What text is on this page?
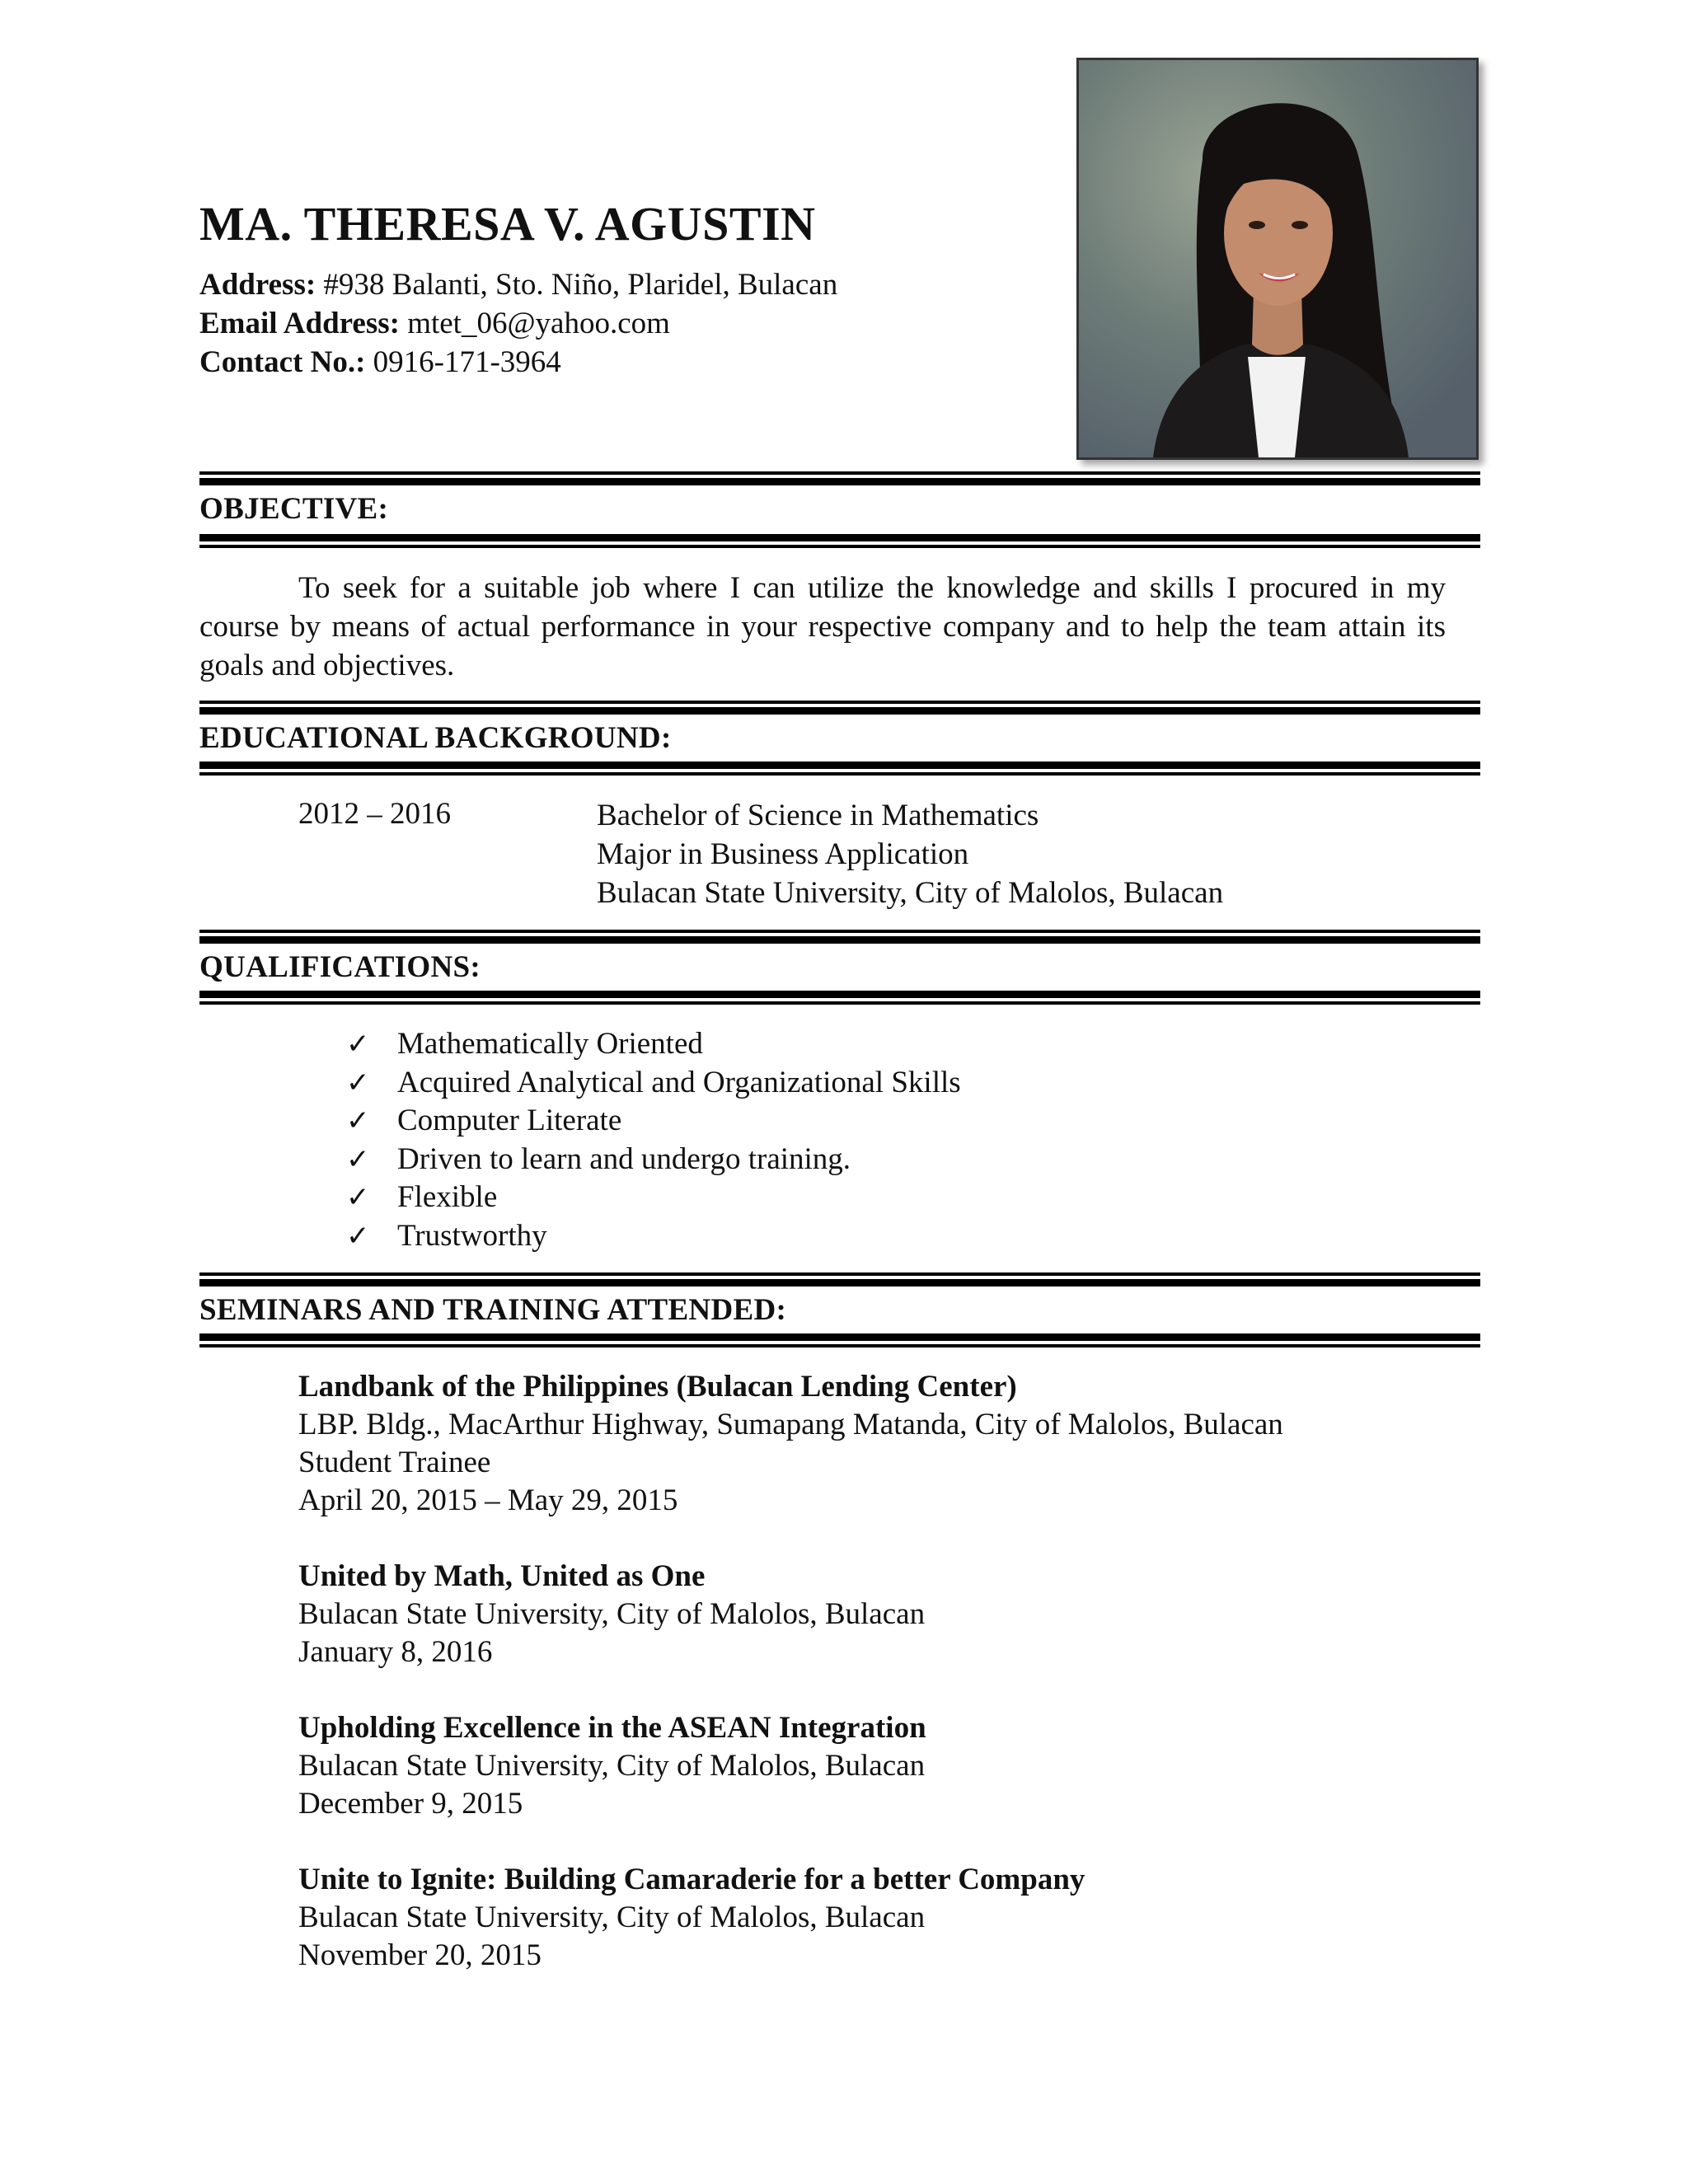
MA. THERESA V. AGUSTIN
Address: #938 Balanti, Sto. Niño, Plaridel, Bulacan
Email Address: mtet_06@yahoo.com
Contact No.: 0916-171-3964
OBJECTIVE:
To seek for a suitable job where I can utilize the knowledge and skills I procured in my course by means of actual performance in your respective company and to help the team attain its goals and objectives.
EDUCATIONAL BACKGROUND:
2012 – 2016	Bachelor of Science in Mathematics
Major in Business Application
Bulacan State University, City of Malolos, Bulacan
QUALIFICATIONS:
✓ Mathematically Oriented
✓ Acquired Analytical and Organizational Skills
✓ Computer Literate
✓ Driven to learn and undergo training.
✓ Flexible
✓ Trustworthy
SEMINARS AND TRAINING ATTENDED:
Landbank of the Philippines (Bulacan Lending Center)
LBP. Bldg., MacArthur Highway, Sumapang Matanda, City of Malolos, Bulacan
Student Trainee
April 20, 2015 – May 29, 2015
United by Math, United as One
Bulacan State University, City of Malolos, Bulacan
January 8, 2016
Upholding Excellence in the ASEAN Integration
Bulacan State University, City of Malolos, Bulacan
December 9, 2015
Unite to Ignite: Building Camaraderie for a better Company
Bulacan State University, City of Malolos, Bulacan
November 20, 2015
